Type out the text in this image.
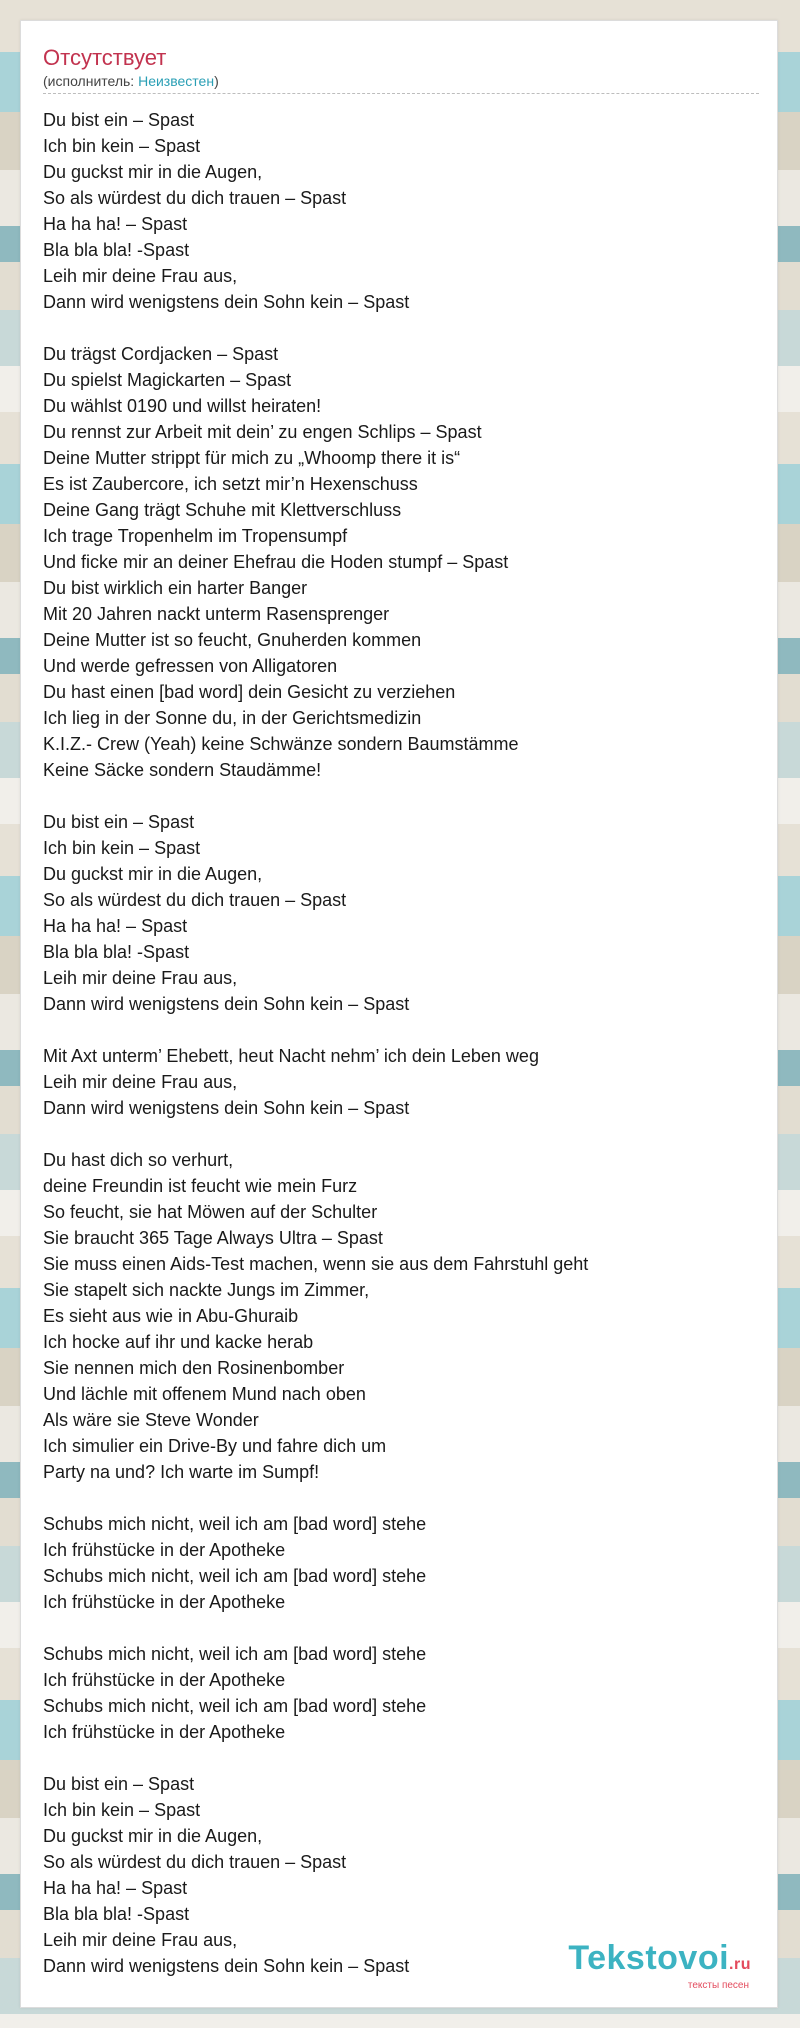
Отсутствует
(исполнитель: Неизвестен)
Du bist ein – Spast
Ich bin kein – Spast
Du guckst mir in die Augen,
So als würdest du dich trauen – Spast
Ha ha ha! – Spast
Bla bla bla! -Spast
Leih mir deine Frau aus,
Dann wird wenigstens dein Sohn kein – Spast
Du trägst Cordjacken – Spast
Du spielst Magickarten – Spast
Du wählst 0190 und willst heiraten!
Du rennst zur Arbeit mit dein’ zu engen Schlips – Spast
Deine Mutter strippt für mich zu „Whoomp there it is“
Es ist Zaubercore, ich setzt mir’n Hexenschuss
Deine Gang trägt Schuhe mit Klettverschluss
Ich trage Tropenhelm im Tropensumpf
Und ficke mir an deiner Ehefrau die Hoden stumpf – Spast
Du bist wirklich ein harter Banger
Mit 20 Jahren nackt unterm Rasensprenger
Deine Mutter ist so feucht, Gnuherden kommen
Und werde gefressen von Alligatoren
Du hast einen [bad word] dein Gesicht zu verziehen
Ich lieg in der Sonne du, in der Gerichtsmedizin
K.I.Z.- Crew (Yeah) keine Schwänze sondern Baumstämme
Keine Säcke sondern Staudämme!
Du bist ein – Spast
Ich bin kein – Spast
Du guckst mir in die Augen,
So als würdest du dich trauen – Spast
Ha ha ha! – Spast
Bla bla bla! -Spast
Leih mir deine Frau aus,
Dann wird wenigstens dein Sohn kein – Spast
Mit Axt unterm’ Ehebett, heut Nacht nehm’ ich dein Leben weg
Leih mir deine Frau aus,
Dann wird wenigstens dein Sohn kein – Spast
Du hast dich so verhurt,
deine Freundin ist feucht wie mein Furz
So feucht, sie hat Möwen auf der Schulter
Sie braucht 365 Tage Always Ultra – Spast
Sie muss einen Aids-Test machen, wenn sie aus dem Fahrstuhl geht
Sie stapelt sich nackte Jungs im Zimmer,
Es sieht aus wie in Abu-Ghuraib
Ich hocke auf ihr und kacke herab
Sie nennen mich den Rosinenbomber
Und lächle mit offenem Mund nach oben
Als wäre sie Steve Wonder
Ich simulier ein Drive-By und fahre dich um
Party na und? Ich warte im Sumpf!
Schubs mich nicht, weil ich am [bad word] stehe
Ich frühstücke in der Apotheke
Schubs mich nicht, weil ich am [bad word] stehe
Ich frühstücke in der Apotheke
Schubs mich nicht, weil ich am [bad word] stehe
Ich frühstücke in der Apotheke
Schubs mich nicht, weil ich am [bad word] stehe
Ich frühstücke in der Apotheke
Du bist ein – Spast
Ich bin kein – Spast
Du guckst mir in die Augen,
So als würdest du dich trauen – Spast
Ha ha ha! – Spast
Bla bla bla! -Spast
Leih mir deine Frau aus,
Dann wird wenigstens dein Sohn kein – Spast	Tekstovoi.ru
тексты песен
